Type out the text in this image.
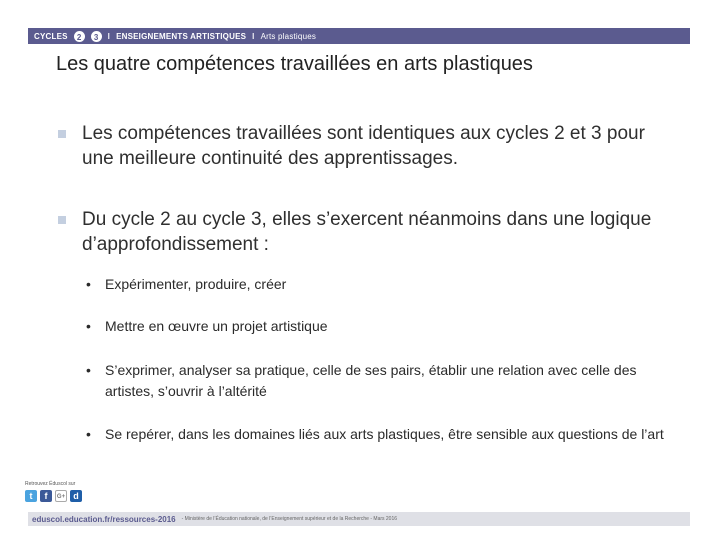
CYCLES	2	3	I ENSEIGNEMENTS ARTISTIQUES I Arts plastiques
Les quatre compétences travaillées en arts plastiques
Les compétences travaillées sont identiques aux cycles 2 et 3 pour une meilleure continuité des apprentissages.
Du cycle 2 au cycle 3, elles s’exercent néanmoins dans une logique d’approfondissement :
•	Expérimenter, produire, créer
•	Mettre en œuvre un projet artistique
•	S’exprimer, analyser sa pratique, celle de ses pairs, établir une relation avec celle des artistes, s’ouvrir à l’altérité
•	Se repérer, dans les domaines liés aux arts plastiques, être sensible aux questions de l’art
Retrouvez Éduscol sur
t	f	G+ d
eduscol.education.fr/ressources-2016 - Ministère de l’Éducation nationale, de l’Enseignement supérieur et de la Recherche - Mars 2016
